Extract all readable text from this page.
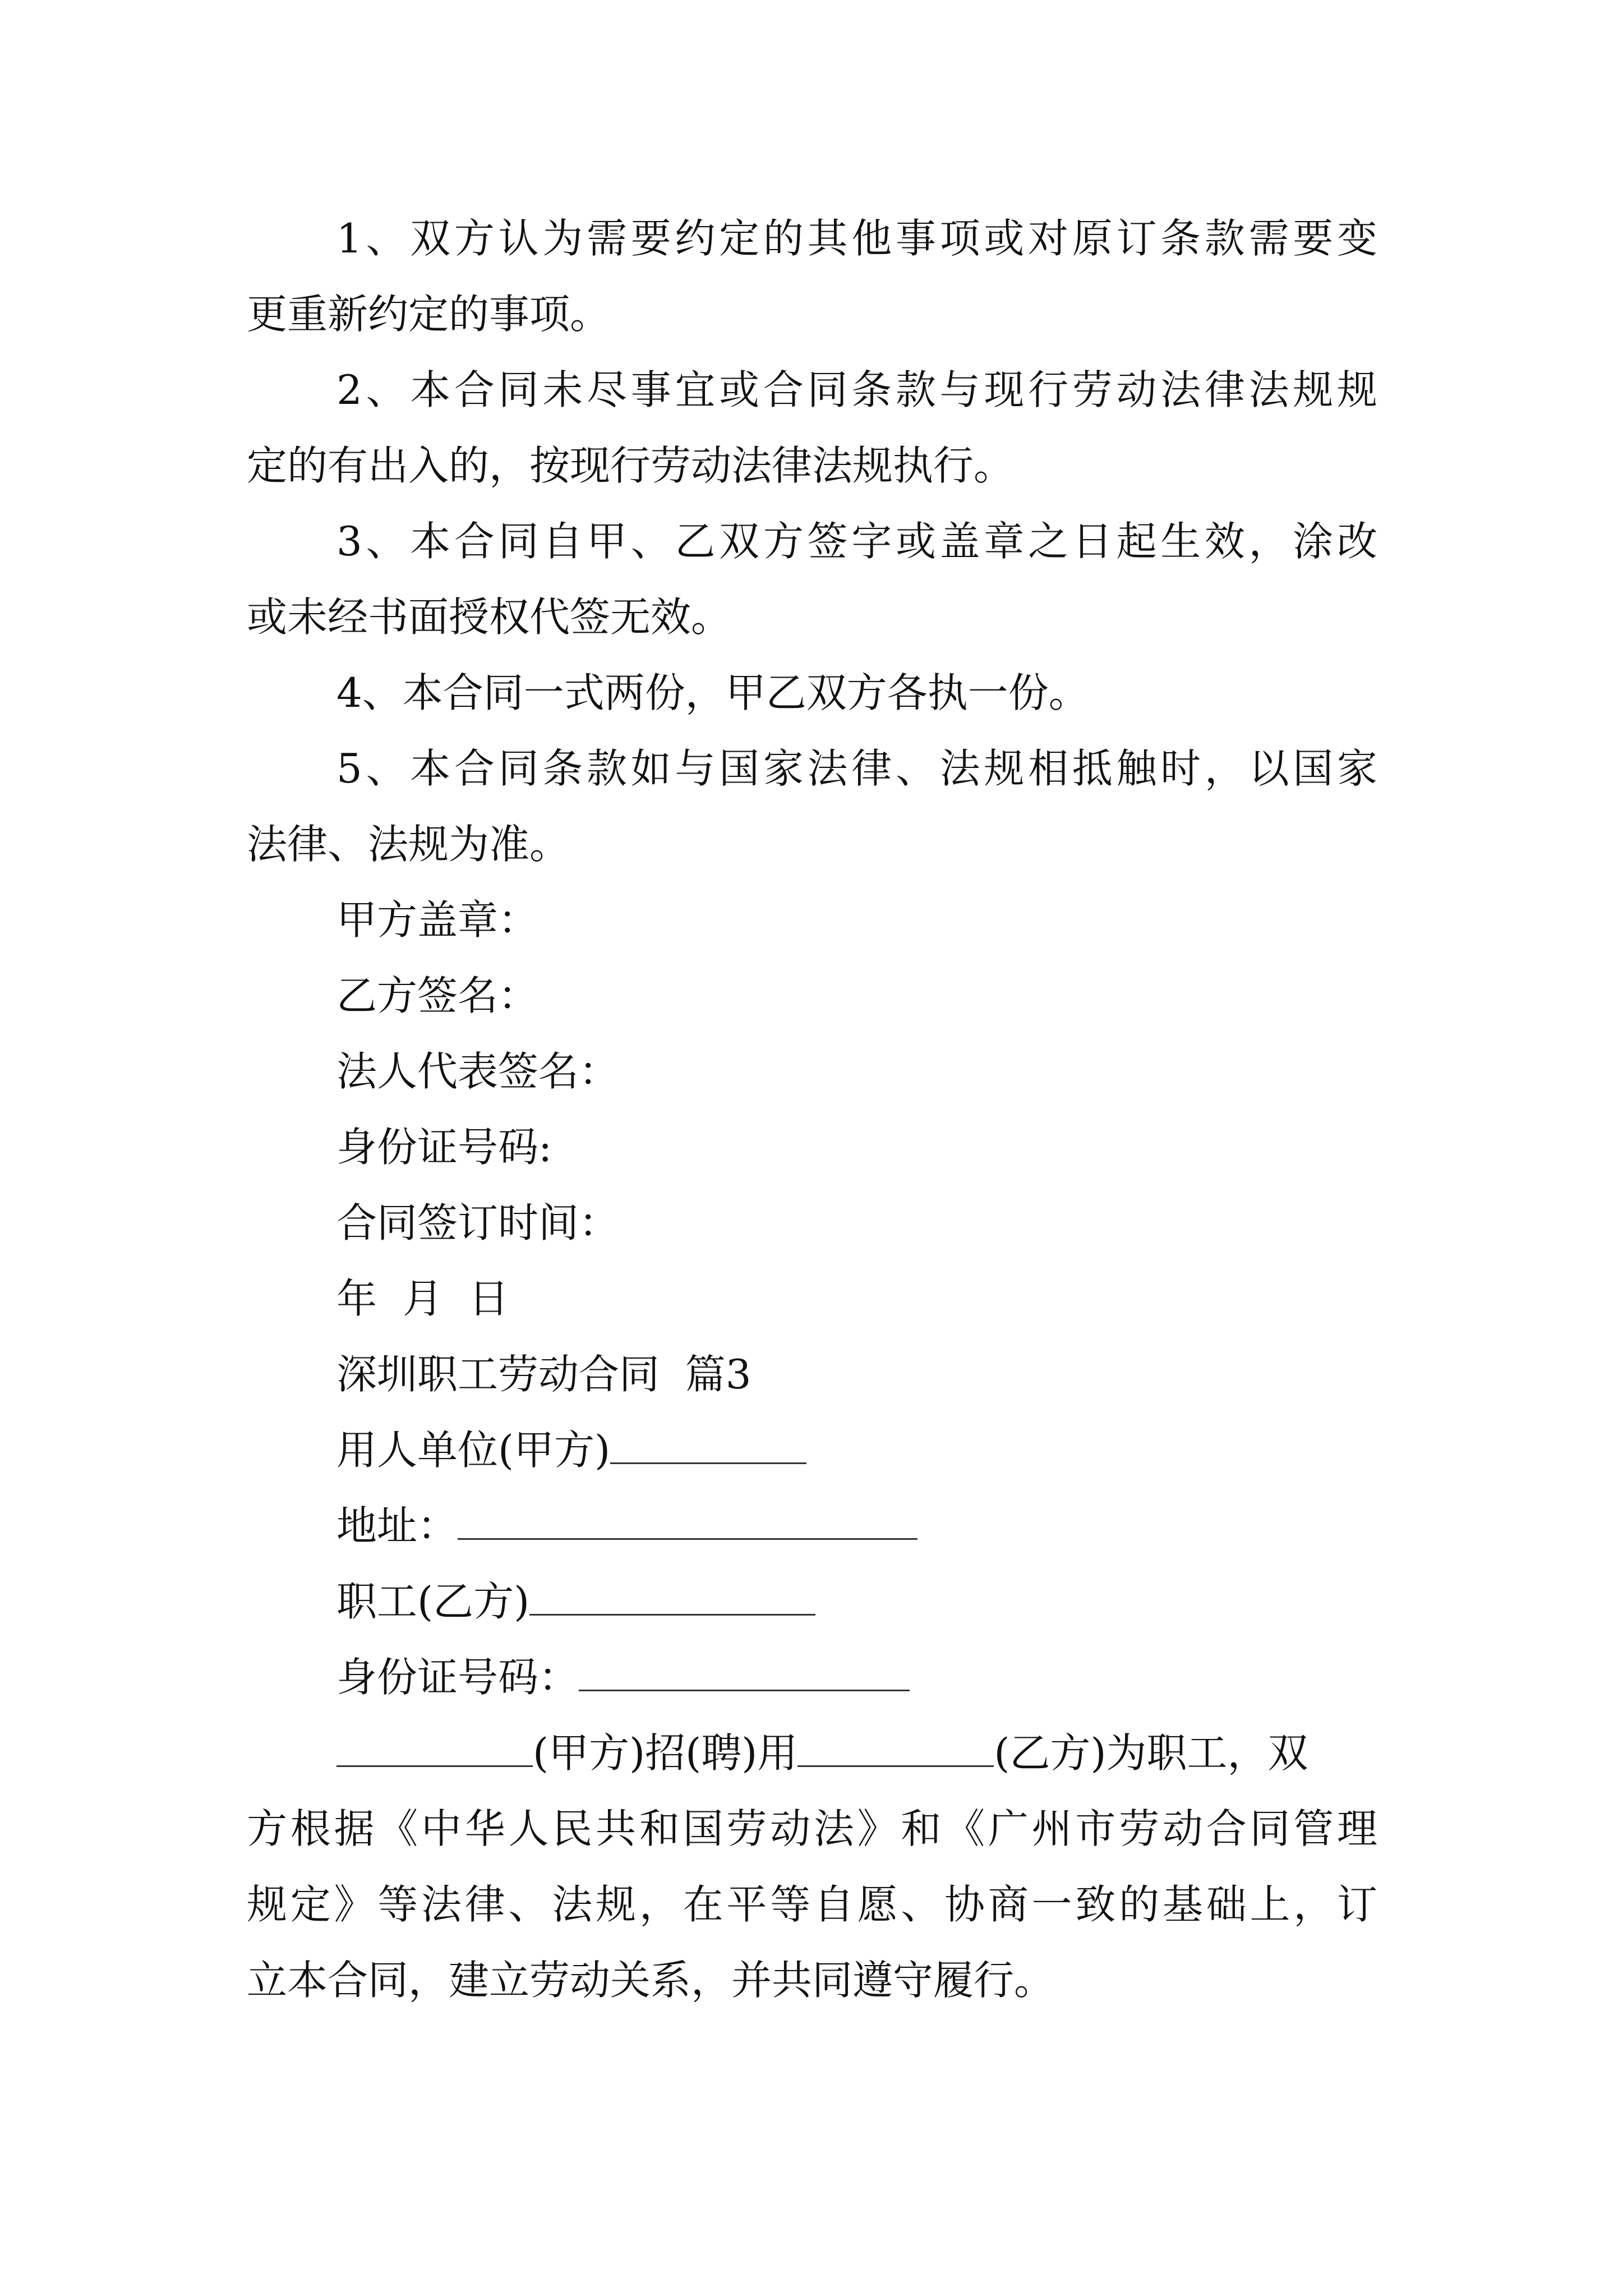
1、双方认为需要约定的其他事项或对原订条款需要变
更重新约定的事项。
2、本合同未尽事宜或合同条款与现行劳动法律法规规
定的有出入的，按现行劳动法律法规执行。
3、本合同自甲、乙双方签字或盖章之日起生效，涂改
或未经书面授权代签无效。
4、本合同一式两份，甲乙双方各执一份。
5、本合同条款如与国家法律、法规相抵触时，以国家
法律、法规为准。
甲方盖章：
乙方签名：
法人代表签名：
身份证号码:
合同签订时间：
年  月  日
深圳职工劳动合同  篇3
用人单位(甲方)
地址：
职工(乙方)
身份证号码：
(甲方)招(聘)用	(乙方)为职工，双
方根据《中华人民共和国劳动法》和《广州市劳动合同管理
规定》等法律、法规，在平等自愿、协商一致的基础上，订
立本合同，建立劳动关系，并共同遵守履行。
